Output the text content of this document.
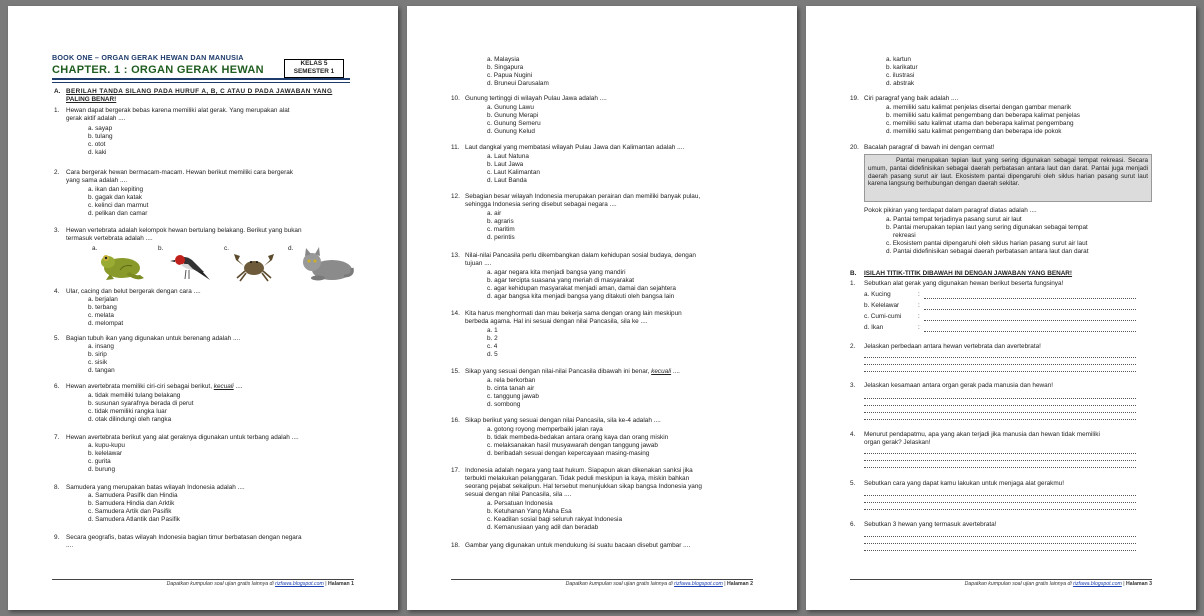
BOOK ONE – ORGAN GERAK HEWAN DAN MANUSIA
CHAPTER. 1 : ORGAN GERAK HEWAN
KELAS 5
SEMESTER 1
A. BERILAH TANDA SILANG PADA HURUF A, B, C ATAU D PADA JAWABAN YANG
PALING BENAR!
1. Hewan dapat bergerak bebas karena memiliki alat gerak. Yang merupakan alat
gerak aktif adalah ....
a. sayap
b. tulang
c. otot
d. kaki
2. Cara bergerak hewan bermacam-macam. Hewan berikut memiliki cara bergerak
yang sama adalah ....
a. ikan dan kepiting
b. gagak dan katak
c. kelinci dan marmut
d. pelikan dan camar
3. Hewan vertebrata adalah kelompok hewan bertulang belakang. Berikut yang bukan
termasuk vertebrata adalah ....
a.	b.	c.	d.
4. Ular, cacing dan belut bergerak dengan cara ....
a. berjalan
b. terbang
c. melata
d. melompat
5. Bagian tubuh ikan yang digunakan untuk berenang adalah ....
a. insang
b. sirip
c. sisik
d. tangan
6. Hewan avertebrata memiliki ciri-ciri sebagai berikut, kecuali ....
a. tidak memiliki tulang belakang
b. susunan syarafnya berada di perut
c. tidak memiliki rangka luar
d. otak dilindungi oleh rangka
7. Hewan avertebrata berikut yang alat geraknya digunakan untuk terbang adalah ....
a. kupu-kupu
b. kelelawar
c. gurita
d. burung
8. Samudera yang merupakan batas wilayah Indonesia adalah ....
a. Samudera Pasifik dan Hindia
b. Samudera Hindia dan Arktik
c. Samudera Artik dan Pasifik
d. Samudera Atlantik dan Pasifik
9. Secara geografis, batas wilayah Indonesia bagian timur berbatasan dengan negara
....
Dapatkan kumpulan soal ujian gratis lainnya di rizfawa.blogspot.com | Halaman 1
a. Malaysia
b. Singapura
c. Papua Nugini
d. Bruneui Darusalam
10. Gunung tertinggi di wilayah Pulau Jawa adalah ....
a. Gunung Lawu
b. Gunung Merapi
c. Gunung Semeru
d. Gunung Kelud
11. Laut dangkal yang membatasi wilayah Pulau Jawa dan Kalimantan adalah ....
a. Laut Natuna
b. Laut Jawa
c. Laut Kalimantan
d. Laut Banda
12. Sebagian besar wilayah Indonesia merupakan perairan dan memiliki banyak pulau,
sehingga Indonesia sering disebut sebagai negara ....
a. air
b. agraris
c. maritim
d. perintis
13. Nilai-nilai Pancasila perlu dikembangkan dalam kehidupan sosial budaya, dengan
tujuan ....
a. agar negara kita menjadi bangsa yang mandiri
b. agar tercipta suasana yang meriah di masyarakat
c. agar kehidupan masyarakat menjadi aman, damai dan sejahtera
d. agar bangsa kita menjadi bangsa yang ditakuti oleh bangsa lain
14. Kita harus menghormati dan mau bekerja sama dengan orang lain meskipun
berbeda agama. Hal ini sesuai dengan nilai Pancasila, sila ke ....
a. 1
b. 2
c. 4
d. 5
15. Sikap yang sesuai dengan nilai-nilai Pancasila dibawah ini benar, kecuali ....
a. rela berkorban
b. cinta tanah air
c. tanggung jawab
d. sombong
16. Sikap berikut yang sesuai dengan nilai Pancasila, sila ke-4 adalah ....
a. gotong royong memperbaiki jalan raya
b. tidak membeda-bedakan antara orang kaya dan orang miskin
c. melaksanakan hasil musyawarah dengan tanggung jawab
d. beribadah sesuai dengan kepercayaan masing-masing
17. Indonesia adalah negara yang taat hukum. Siapapun akan dikenakan sanksi jika
terbukti melakukan pelanggaran. Tidak peduli meskipun ia kaya, miskin bahkan
seorang pejabat sekalipun. Hal tersebut menunjukkan sikap bangsa Indonesia yang
sesuai dengan nilai Pancasila, sila ....
a. Persatuan Indonesia
b. Ketuhanan Yang Maha Esa
c. Keadilan sosial bagi seluruh rakyat Indonesia
d. Kemanusiaan yang adil dan beradab
18. Gambar yang digunakan untuk mendukung isi suatu bacaan disebut gambar ....
Dapatkan kumpulan soal ujian gratis lainnya di rizfawa.blogspot.com | Halaman 2
a. kartun
b. karikatur
c. ilustrasi
d. abstrak
19. Ciri paragraf yang baik adalah ....
a. memiliki satu kalimat penjelas disertai dengan gambar menarik
b. memiliki satu kalimat pengembang dan beberapa kalimat penjelas
c. memiliki satu kalimat utama dan beberapa kalimat pengembang
d. memiliki satu kalimat pengembang dan beberapa ide pokok
20. Bacalah paragraf di bawah ini dengan cermat!
Pantai merupakan tepian laut yang sering digunakan sebagai tempat rekreasi. Secara umum, pantai didefinisikan sebagai daerah perbatasan antara laut dan darat. Pantai juga menjadi daerah pasang surut air laut. Ekosistem pantai dipengaruhi oleh siklus harian pasang surut laut karena langsung berhubungan dengan daerah sekitar.
Pokok pikiran yang terdapat dalam paragraf diatas adalah ....
a. Pantai tempat terjadinya pasang surut air laut
b. Pantai merupakan tepian laut yang sering digunakan sebagai tempat
rekreasi
c. Ekosistem pantai dipengaruhi oleh siklus harian pasang surut air laut
d. Pantai didefinisikan sebagai daerah perbatasan antara laut dan darat
B. ISILAH TITIK-TITIK DIBAWAH INI DENGAN JAWABAN YANG BENAR!
1. Sebutkan alat gerak yang digunakan hewan berikut beserta fungsinya!
a. Kucing	:
b. Kelelawar	:
c. Cumi-cumi	:
d. Ikan	:
2. Jelaskan perbedaan antara hewan vertebrata dan avertebrata!
3. Jelaskan kesamaan antara organ gerak pada manusia dan hewan!
4. Menurut pendapatmu, apa yang akan terjadi jika manusia dan hewan tidak memiliki
organ gerak? Jelaskan!
5. Sebutkan cara yang dapat kamu lakukan untuk menjaga alat gerakmu!
6. Sebutkan 3 hewan yang termasuk avertebrata!
Dapatkan kumpulan soal ujian gratis lainnya di rizfawa.blogspot.com | Halaman 3
